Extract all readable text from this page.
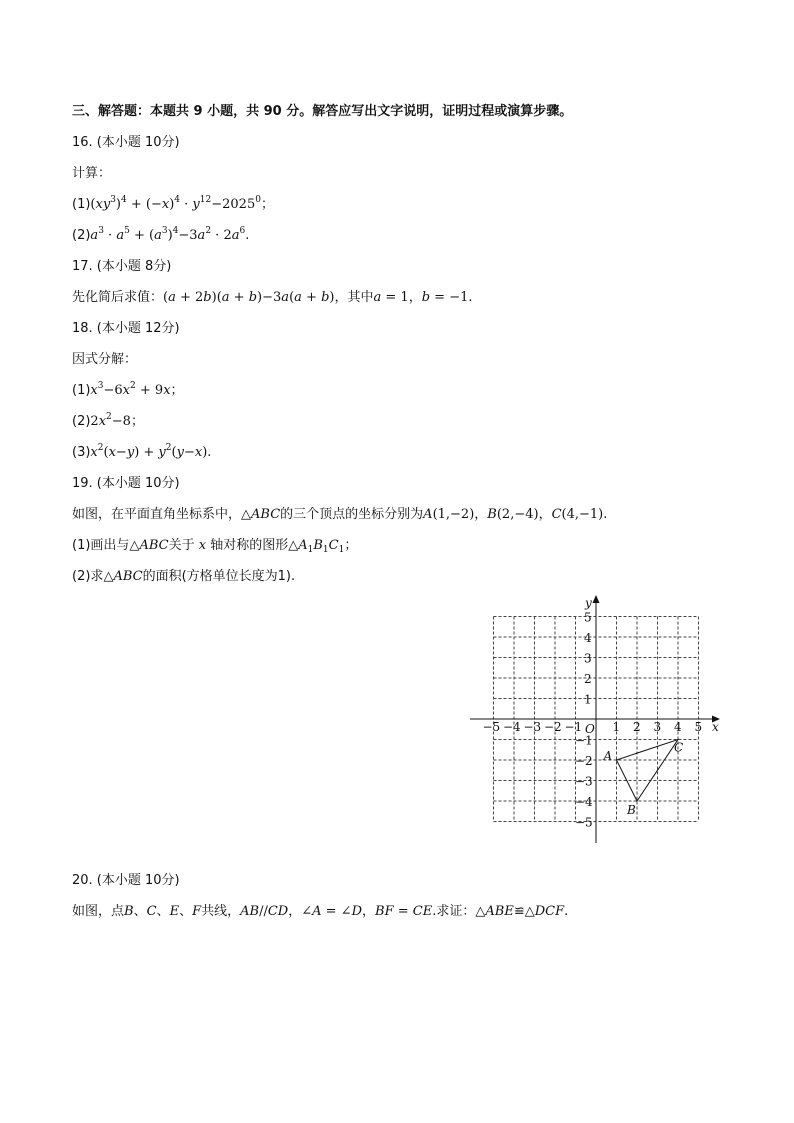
三、解答题：本题共 9 小题，共 90 分。解答应写出文字说明，证明过程或演算步骤。
16. (本小题 10分)
计算：
$(1)(xy^3)^4 + (-x)^4 \cdot y^{12}-2025^0$；
$(2)a^3 \cdot a^5 + (a^3)^4-3a^2 \cdot 2a^6$.
17. (本小题 8分)
先化简后求值：(a + 2b)(a + b)−3a(a + b)，其中a = 1，b = −1.
18. (本小题 12分)
因式分解：
$(1)x^3-6x^2 + 9x$；
$(2)2x^2-8$；
$(3)x^2(x-y) + y^2(y-x)$.
19. (本小题 10分)
如图，在平面直角坐标系中，△ABC的三个顶点的坐标分别为A(1,−2)，B(2,−4)，C(4,−1).
(1)画出与△ABC关于 x 轴对称的图形$\triangle A_1B_1C_1$；
(2)求△ABC的面积(方格单位长度为1).
x
y
O
−5 −4 −3 −2 −1	1 2 3 4 5
5
4
3
2
1
−1
−2
−3
−4
−5
A
B
C
20. (本小题 10分)
如图，点B、C、E、F共线，AB//CD，∠A = ∠D，BF = CE.求证：△ABE≌△DCF.
